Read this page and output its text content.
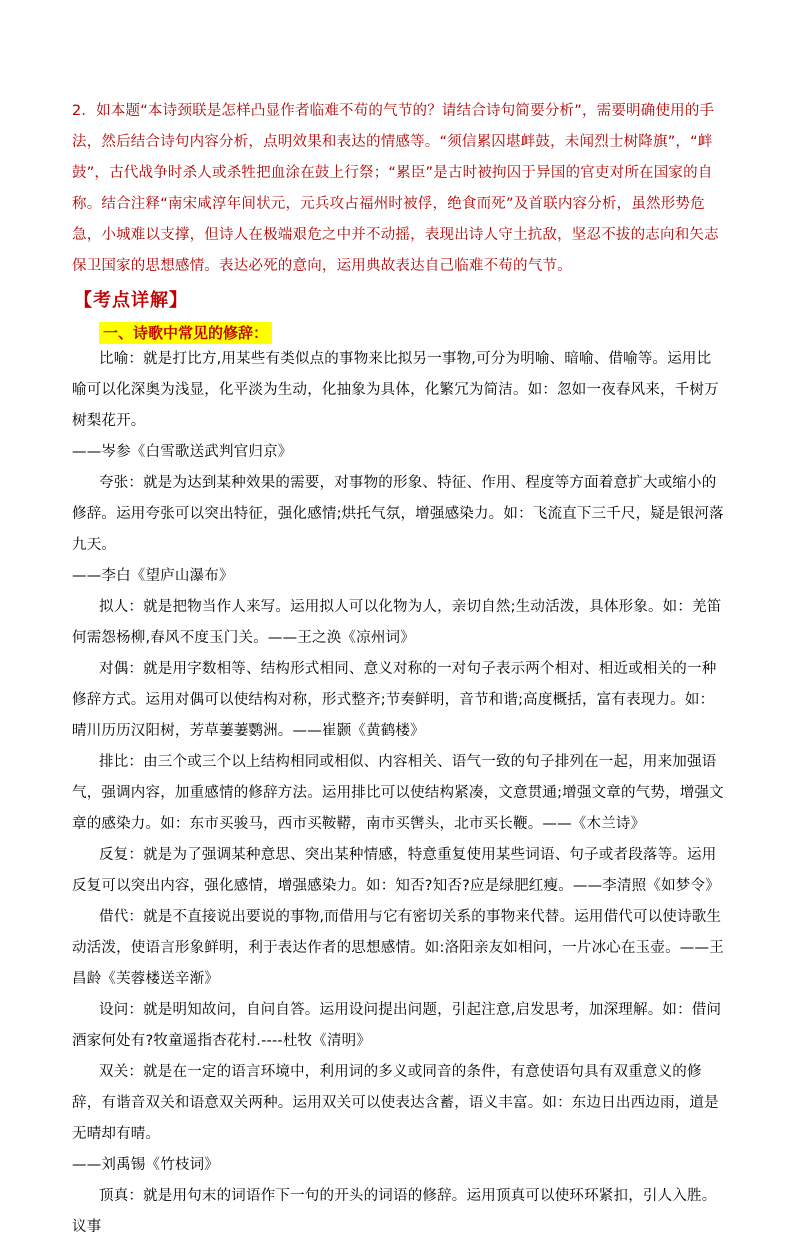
2．如本题“本诗颈联是怎样凸显作者临难不苟的气节的？请结合诗句简要分析”，需要明确使用的手法，然后结合诗句内容分析，点明效果和表达的情感等。“须信累囚堪衅鼓，未闻烈士树降旗”，“衅鼓”，古代战争时杀人或杀牲把血涂在鼓上行祭；“累臣”是古时被拘囚于异国的官吏对所在国家的自称。结合注释“南宋咸淳年间状元，元兵攻占福州时被俘，绝食而死”及首联内容分析，虽然形势危急，小城难以支撑，但诗人在极端艰危之中并不动摇，表现出诗人守土抗敌，坚忍不拔的志向和矢志保卫国家的思想感情。表达必死的意向，运用典故表达自己临难不苟的气节。
【考点详解】
一、诗歌中常见的修辞：

比喻：就是打比方,用某些有类似点的事物来比拟另一事物,可分为明喻、暗喻、借喻等。运用比喻可以化深奥为浅显，化平淡为生动，化抽象为具体，化繁冗为简洁。如：忽如一夜春风来，千树万树梨花开。
——岑参《白雪歌送武判官归京》

夸张：就是为达到某种效果的需要，对事物的形象、特征、作用、程度等方面着意扩大或缩小的修辞。运用夸张可以突出特征，强化感情;烘托气氛，增强感染力。如：飞流直下三千尺，疑是银河落九天。
——李白《望庐山瀑布》

拟人：就是把物当作人来写。运用拟人可以化物为人，亲切自然;生动活泼，具体形象。如：羌笛何需怨杨柳,春风不度玉门关。——王之涣《凉州词》

对偶：就是用字数相等、结构形式相同、意义对称的一对句子表示两个相对、相近或相关的一种修辞方式。运用对偶可以使结构对称，形式整齐;节奏鲜明，音节和谐;高度概括，富有表现力。如：晴川历历汉阳树，芳草萋萋鹦洲。——崔颢《黄鹤楼》

排比：由三个或三个以上结构相同或相似、内容相关、语气一致的句子排列在一起，用来加强语气，强调内容，加重感情的修辞方法。运用排比可以使结构紧凑，文意贯通;增强文章的气势，增强文章的感染力。如：东市买骏马，西市买鞍鞯，南市买辔头，北市买长鞭。——《木兰诗》

反复：就是为了强调某种意思、突出某种情感，特意重复使用某些词语、句子或者段落等。运用反复可以突出内容，强化感情，增强感染力。如：知否?知否?应是绿肥红瘦。——李清照《如梦令》

借代：就是不直接说出要说的事物,而借用与它有密切关系的事物来代替。运用借代可以使诗歌生动活泼，使语言形象鲜明，利于表达作者的思想感情。如:洛阳亲友如相问，一片冰心在玉壶。——王昌龄《芙蓉楼送辛渐》

设问：就是明知故问，自问自答。运用设问提出问题，引起注意,启发思考，加深理解。如：借问酒家何处有?牧童遥指杏花村.----杜牧《清明》

双关：就是在一定的语言环境中，利用词的多义或同音的条件，有意使语句具有双重意义的修辞，有谐音双关和语意双关两种。运用双关可以使表达含蓄，语义丰富。如：东边日出西边雨，道是无晴却有晴。
——刘禹锡《竹枝词》

顶真：就是用句末的词语作下一句的开头的词语的修辞。运用顶真可以使环环紧扣，引人入胜。 议事
